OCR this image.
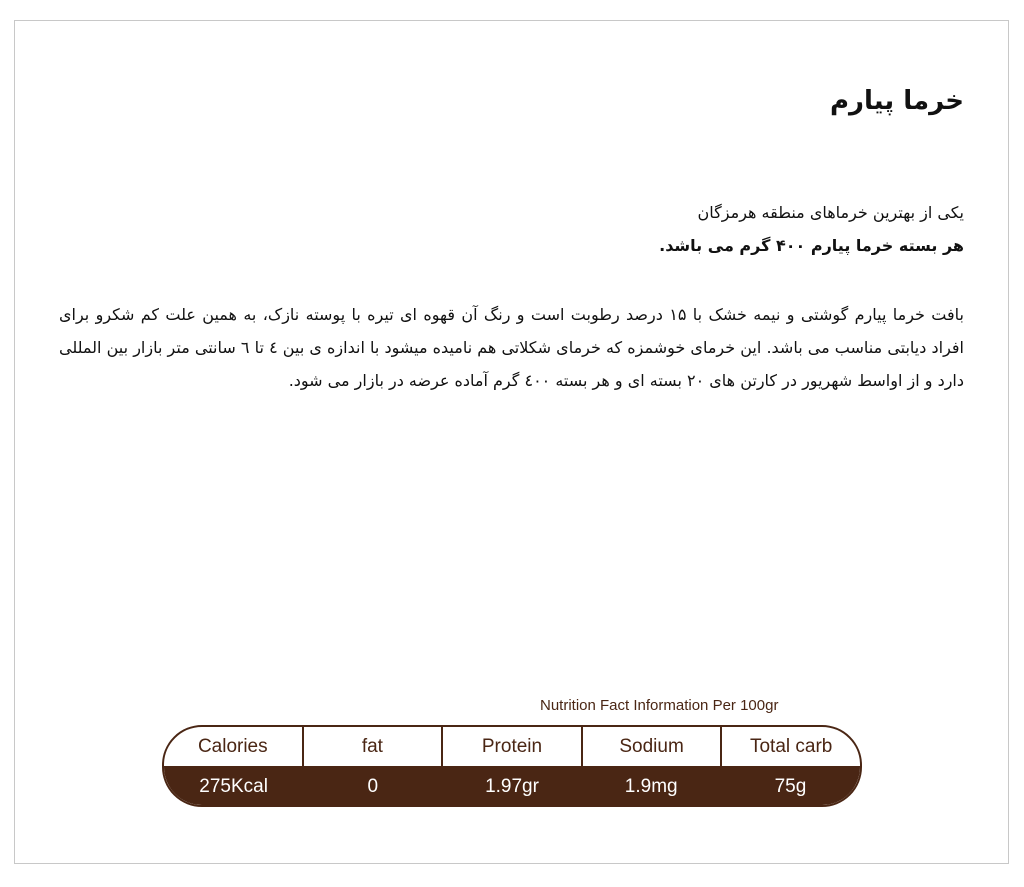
خرما پیارم
یکی از بهترین خرماهای منطقه هرمزگان
هر بسته خرما پیارم ۴۰۰ گرم می باشد.
بافت خرما پیارم گوشتی و نیمه خشک با ۱۵ درصد رطوبت است و رنگ آن قهوه ای تیره با پوسته نازک، به همین علت کم شکرو برای افراد دیابتی مناسب می باشد. این خرمای خوشمزه که خرمای شکلاتی هم نامیده میشود با اندازه ی بین ٤ تا ٦ سانتی متر بازار بین المللی دارد و از اواسط شهریور در کارتن های ۲۰ بسته ای و هر بسته ٤٠٠ گرم آماده عرضه در بازار می شود.
Nutrition Fact Information Per 100gr
Calories	fat	Protein	Sodium	Total carb
275Kcal	0	1.97gr	1.9mg	75g
